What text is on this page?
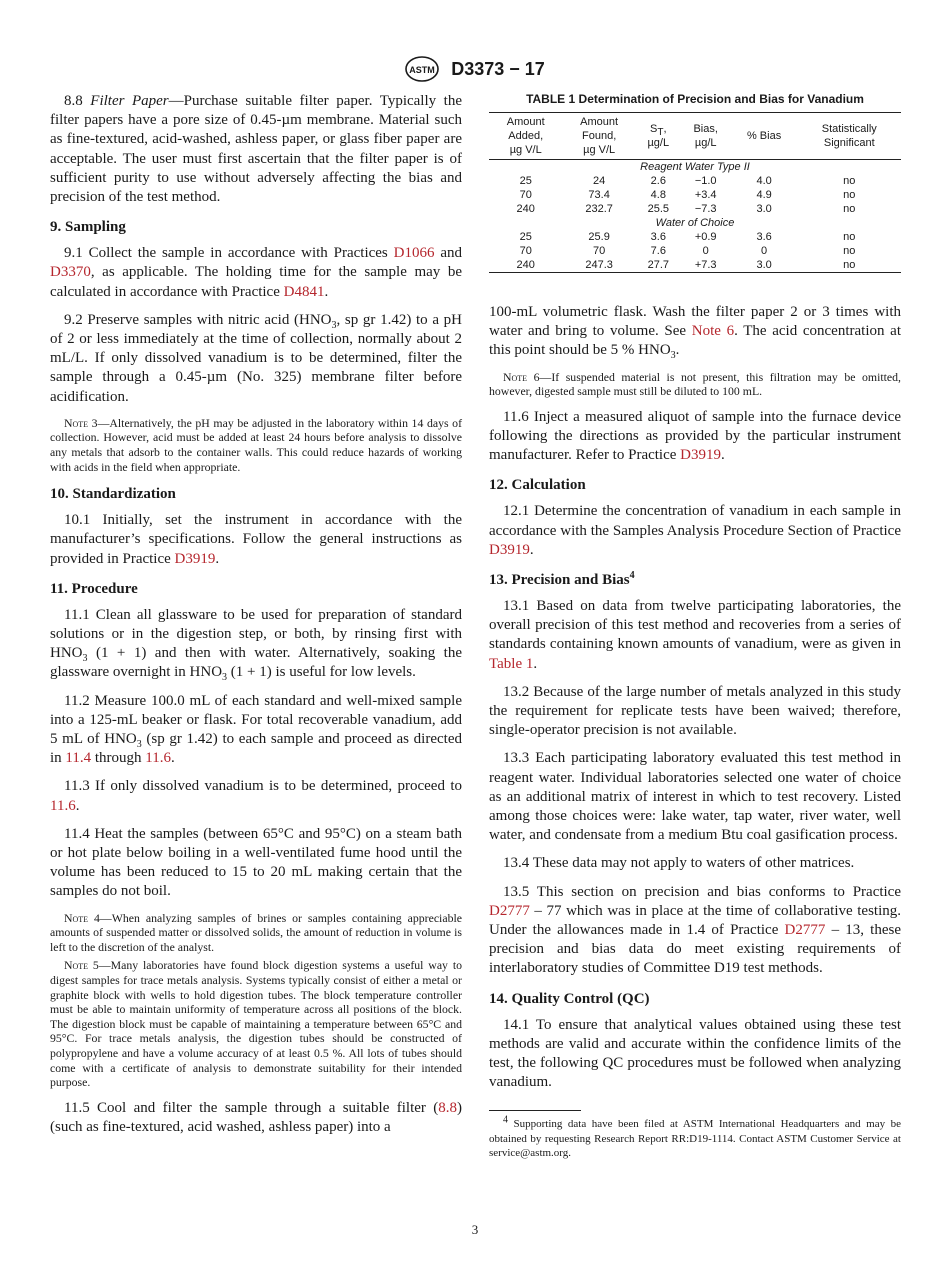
ASTM D3373 − 17

8.8 Filter Paper—Purchase suitable filter paper. Typically the filter papers have a pore size of 0.45-µm membrane. Material such as fine-textured, acid-washed, ashless paper, or glass fiber paper are acceptable. The user must first ascertain that the filter paper is of sufficient purity to use without adversely affecting the bias and precision of the test method.

9. Sampling

9.1 Collect the sample in accordance with Practices D1066 and D3370, as applicable. The holding time for the sample may be calculated in accordance with Practice D4841.

9.2 Preserve samples with nitric acid ($HNO_3$, sp gr 1.42) to a pH of 2 or less immediately at the time of collection, normally about 2 mL/L. If only dissolved vanadium is to be determined, filter the sample through a 0.45-µm (No. 325) membrane filter before acidification.

Note 3—Alternatively, the pH may be adjusted in the laboratory within 14 days of collection. However, acid must be added at least 24 hours before analysis to dissolve any metals that adsorb to the container walls. This could reduce hazards of working with acids in the field when appropriate.
10. Standardization

10.1 Initially, set the instrument in accordance with the manufacturer’s specifications. Follow the general instructions as provided in Practice D3919.

11. Procedure

11.1 Clean all glassware to be used for preparation of standard solutions or in the digestion step, or both, by rinsing first with $HNO_3$ (1 + 1) and then with water. Alternatively, soaking the glassware overnight in $HNO_3$ (1 + 1) is useful for low levels.

11.2 Measure 100.0 mL of each standard and well-mixed sample into a 125-mL beaker or flask. For total recoverable vanadium, add 5 mL of $HNO_3$ (sp gr 1.42) to each sample and proceed as directed in 11.4 through 11.6.

11.3 If only dissolved vanadium is to be determined, proceed to 11.6.

11.4 Heat the samples (between 65°C and 95°C) on a steam bath or hot plate below boiling in a well-ventilated fume hood until the volume has been reduced to 15 to 20 mL making certain that the samples do not boil.

Note 4—When analyzing samples of brines or samples containing appreciable amounts of suspended matter or dissolved solids, the amount of reduction in volume is left to the discretion of the analyst.
Note 5—Many laboratories have found block digestion systems a useful way to digest samples for trace metals analysis. Systems typically consist of either a metal or graphite block with wells to hold digestion tubes. The block temperature controller must be able to maintain uniformity of temperature across all positions of the block. The digestion block must be capable of maintaining a temperature between 65°C and 95°C. For trace metals analysis, the digestion tubes should be constructed of polypropylene and have a volume accuracy of at least 0.5 %. All lots of tubes should come with a certificate of analysis to demonstrate suitability for their intended purpose.

11.5 Cool and filter the sample through a suitable filter (8.8) (such as fine-textured, acid washed, ashless paper) into a

TABLE 1 Determination of Precision and Bias for Vanadium
Amount
Added,
µg V/L	Amount
Found,
µg V/L	$S_T$,
µg/L	Bias,
µg/L	% Bias	Statistically
Significant
Reagent Water Type II					
25	24	2.6	−1.0	4.0	no
70	73.4	4.8	+3.4	4.9	no
240	232.7	25.5	−7.3	3.0	no
Water of Choice					
25	25.9	3.6	+0.9	3.6	no
70	70	7.6	0	0	no
240	247.3	27.7	+7.3	3.0	no

100-mL volumetric flask. Wash the filter paper 2 or 3 times with water and bring to volume. See Note 6. The acid concentration at this point should be 5 % $HNO_3$.

Note 6—If suspended material is not present, this filtration may be omitted, however, digested sample must still be diluted to 100 mL.

11.6 Inject a measured aliquot of sample into the furnace device following the directions as provided by the particular instrument manufacturer. Refer to Practice D3919.

12. Calculation

12.1 Determine the concentration of vanadium in each sample in accordance with the Samples Analysis Procedure Section of Practice D3919.

13. Precision and Bias$^4$

13.1 Based on data from twelve participating laboratories, the overall precision of this test method and recoveries from a series of standards containing known amounts of vanadium, were as given in Table 1.

13.2 Because of the large number of metals analyzed in this study the requirement for replicate tests have been waived; therefore, single-operator precision is not available.

13.3 Each participating laboratory evaluated this test method in reagent water. Individual laboratories selected one water of choice as an additional matrix of interest in which to test recovery. Listed among those choices were: lake water, tap water, river water, well water, and condensate from a medium Btu coal gasification process.

13.4 These data may not apply to waters of other matrices.

13.5 This section on precision and bias conforms to Practice D2777 – 77 which was in place at the time of collaborative testing. Under the allowances made in 1.4 of Practice D2777 – 13, these precision and bias data do meet existing requirements of interlaboratory studies of Committee D19 test methods.

14. Quality Control (QC)

14.1 To ensure that analytical values obtained using these test methods are valid and accurate within the confidence limits of the test, the following QC procedures must be followed when analyzing vanadium.

$^4$ Supporting data have been filed at ASTM International Headquarters and may be obtained by requesting Research Report RR:D19-1114. Contact ASTM Customer Service at service@astm.org.

3
